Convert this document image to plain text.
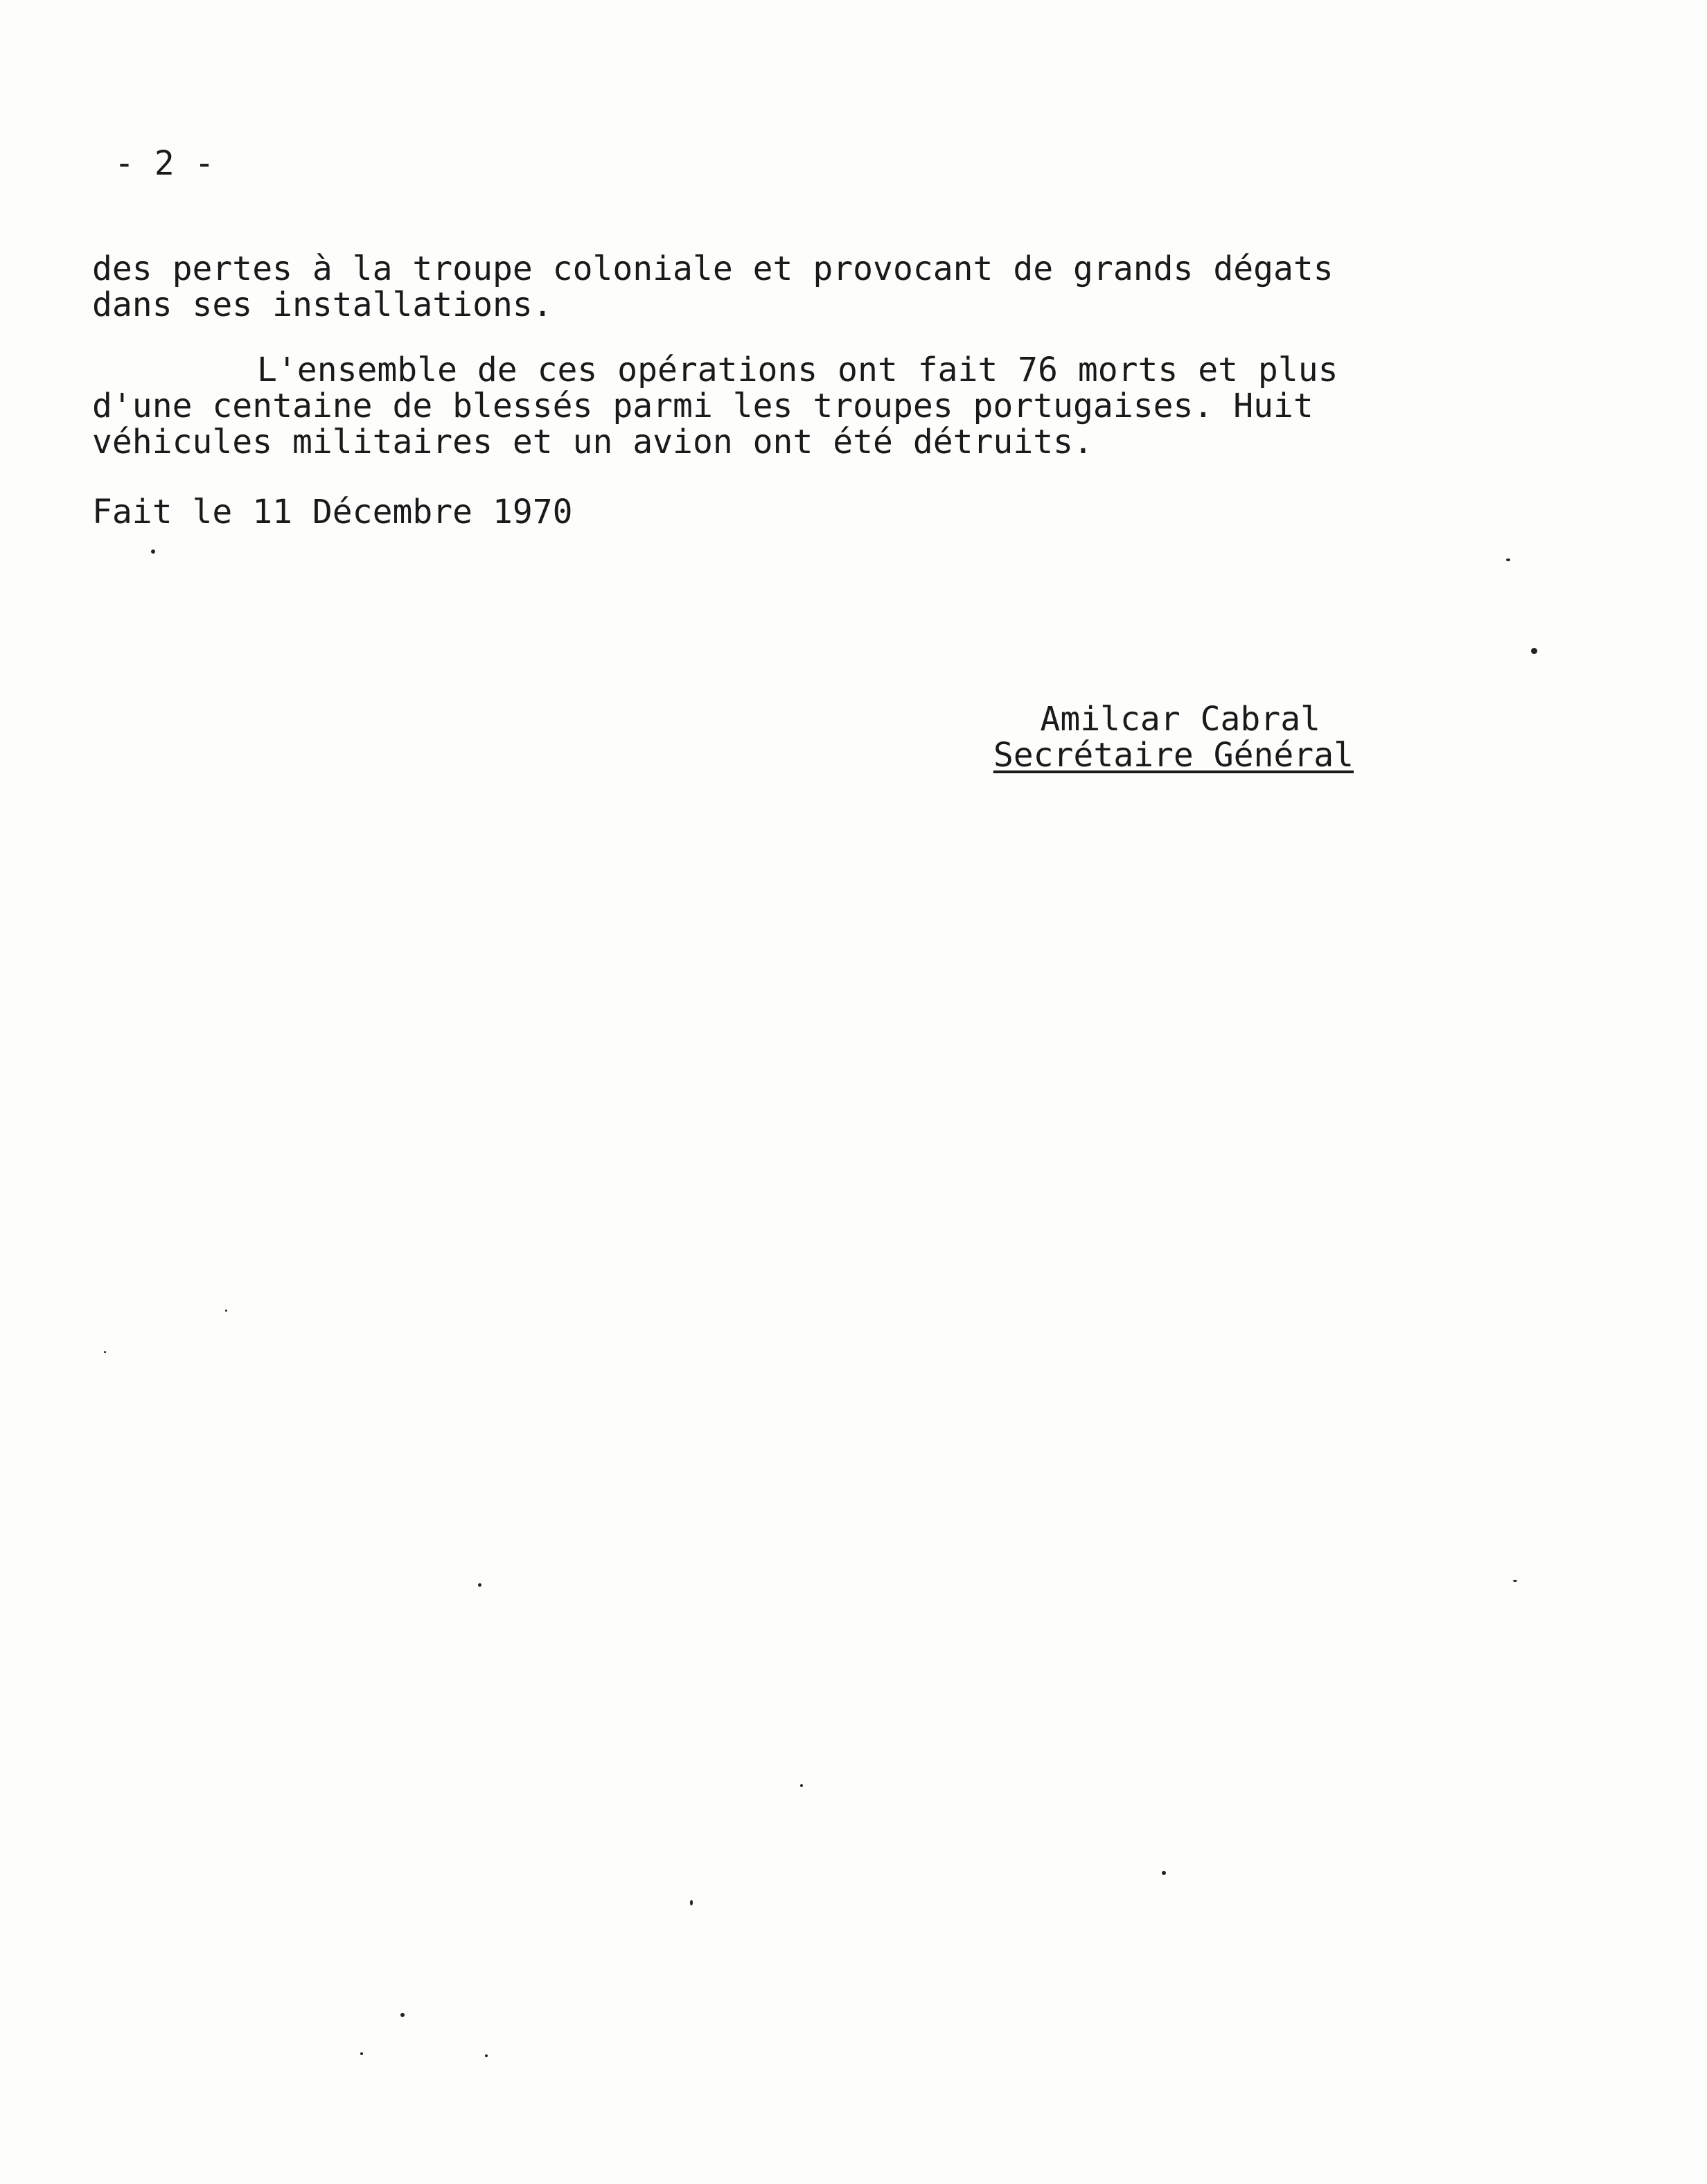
- 2 -
des pertes à la troupe coloniale et provocant de grands dégats
dans ses installations.
L'ensemble de ces opérations ont fait 76 morts et plus
d'une centaine de blessés parmi les troupes portugaises. Huit
véhicules militaires et un avion ont été détruits.
Fait le 11 Décembre 1970
Amilcar Cabral
Secrétaire Général
